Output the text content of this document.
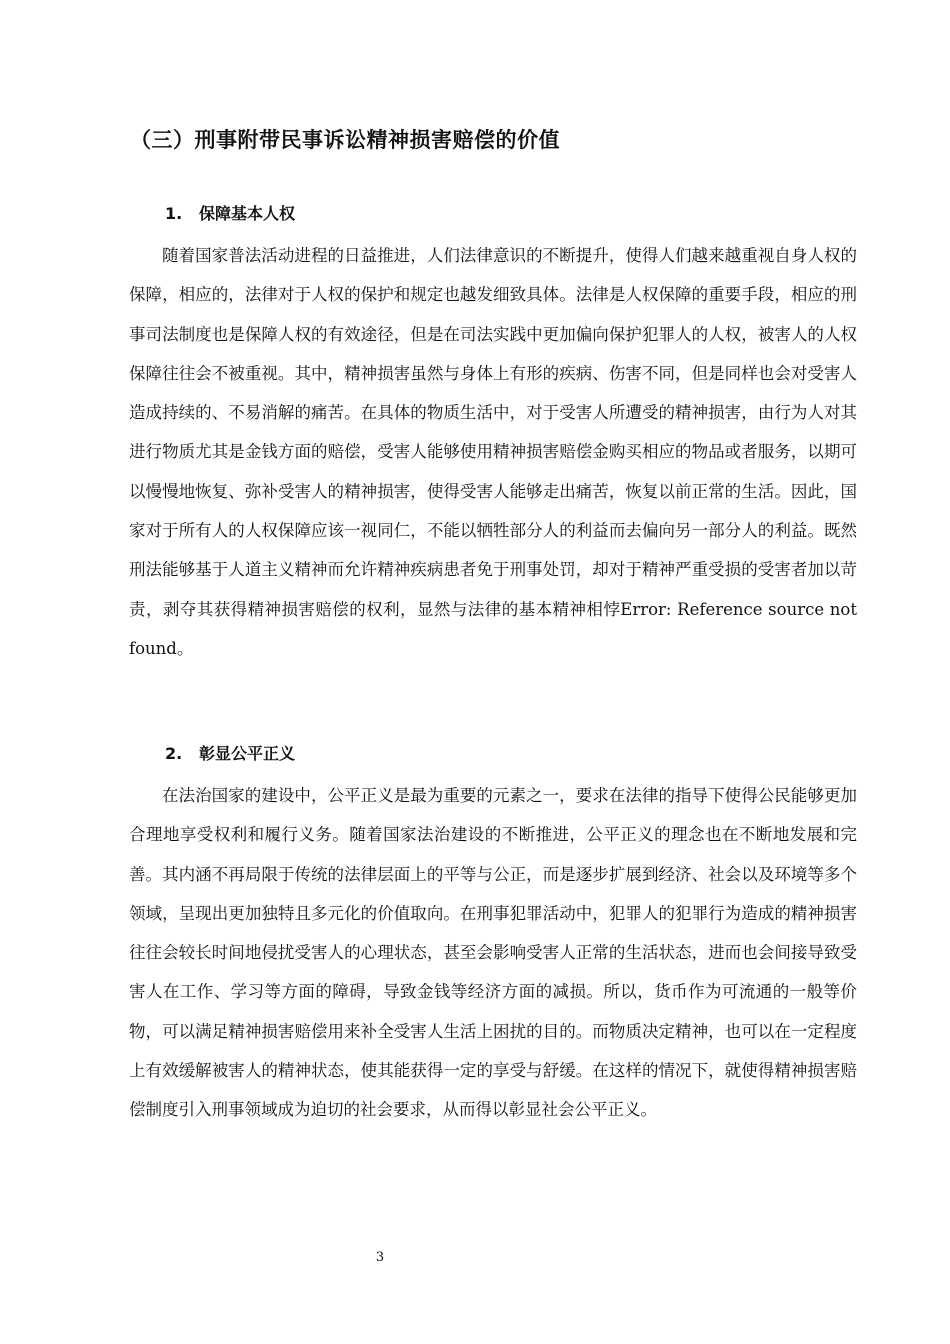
（三）刑事附带民事诉讼精神损害赔偿的价值
1. 保障基本人权

随着国家普法活动进程的日益推进，人们法律意识的不断提升，使得人们越来越重视自身人权的保障，相应的，法律对于人权的保护和规定也越发细致具体。法律是人权保障的重要手段，相应的刑事司法制度也是保障人权的有效途径，但是在司法实践中更加偏向保护犯罪人的人权，被害人的人权保障往往会不被重视。其中，精神损害虽然与身体上有形的疾病、伤害不同，但是同样也会对受害人造成持续的、不易消解的痛苦。在具体的物质生活中，对于受害人所遭受的精神损害，由行为人对其进行物质尤其是金钱方面的赔偿，受害人能够使用精神损害赔偿金购买相应的物品或者服务，以期可以慢慢地恢复、弥补受害人的精神损害，使得受害人能够走出痛苦，恢复以前正常的生活。因此，国家对于所有人的人权保障应该一视同仁，不能以牺牲部分人的利益而去偏向另一部分人的利益。既然刑法能够基于人道主义精神而允许精神疾病患者免于刑事处罚，却对于精神严重受损的受害者加以苛责，剥夺其获得精神损害赔偿的权利，显然与法律的基本精神相悖Error: Reference source not found。

2. 彰显公平正义

在法治国家的建设中，公平正义是最为重要的元素之一，要求在法律的指导下使得公民能够更加合理地享受权利和履行义务。随着国家法治建设的不断推进，公平正义的理念也在不断地发展和完善。其内涵不再局限于传统的法律层面上的平等与公正，而是逐步扩展到经济、社会以及环境等多个领域，呈现出更加独特且多元化的价值取向。在刑事犯罪活动中，犯罪人的犯罪行为造成的精神损害往往会较长时间地侵扰受害人的心理状态，甚至会影响受害人正常的生活状态，进而也会间接导致受害人在工作、学习等方面的障碍，导致金钱等经济方面的减损。所以，货币作为可流通的一般等价物，可以满足精神损害赔偿用来补全受害人生活上困扰的目的。而物质决定精神，也可以在一定程度上有效缓解被害人的精神状态，使其能获得一定的享受与舒缓。在这样的情况下，就使得精神损害赔偿制度引入刑事领域成为迫切的社会要求，从而得以彰显社会公平正义。

3
